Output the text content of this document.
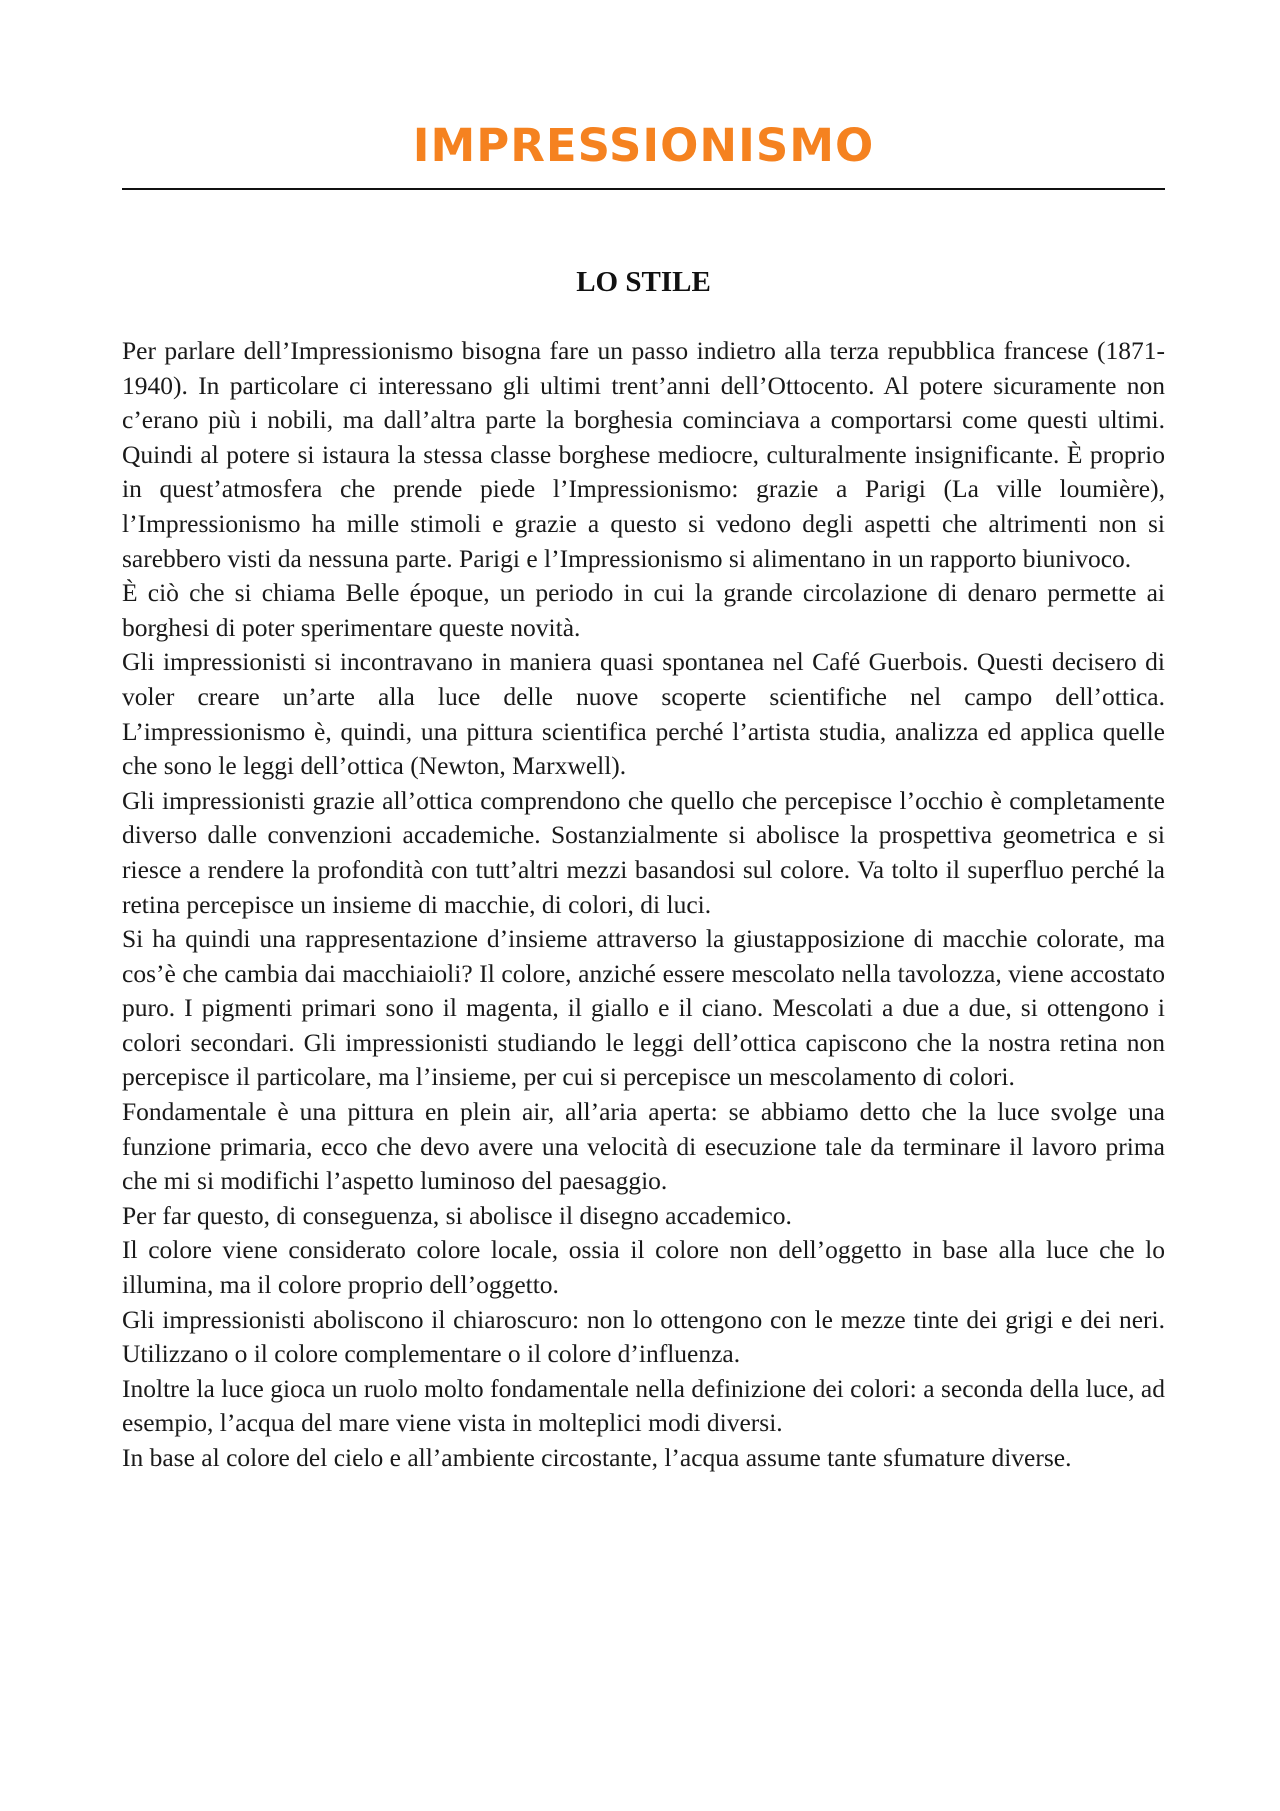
IMPRESSIONISMO
LO STILE

Per parlare dell’Impressionismo bisogna fare un passo indietro alla terza repubblica francese (1871-1940). In particolare ci interessano gli ultimi trent’anni dell’Ottocento. Al potere sicuramente non c’erano più i nobili, ma dall’altra parte la borghesia cominciava a comportarsi come questi ultimi. Quindi al potere si istaura la stessa classe borghese mediocre, culturalmente insignificante. È proprio in quest’atmosfera che prende piede l’Impressionismo: grazie a Parigi (La ville loumière), l’Impressionismo ha mille stimoli e grazie a questo si vedono degli aspetti che altrimenti non si sarebbero visti da nessuna parte. Parigi e l’Impressionismo si alimentano in un rapporto biunivoco.

È ciò che si chiama Belle époque, un periodo in cui la grande circolazione di denaro permette ai borghesi di poter sperimentare queste novità.

Gli impressionisti si incontravano in maniera quasi spontanea nel Café Guerbois. Questi decisero di voler creare un’arte alla luce delle nuove scoperte scientifiche nel campo dell’ottica. L’impressionismo è, quindi, una pittura scientifica perché l’artista studia, analizza ed applica quelle che sono le leggi dell’ottica (Newton, Marxwell).

Gli impressionisti grazie all’ottica comprendono che quello che percepisce l’occhio è completamente diverso dalle convenzioni accademiche. Sostanzialmente si abolisce la prospettiva geometrica e si riesce a rendere la profondità con tutt’altri mezzi basandosi sul colore. Va tolto il superfluo perché la retina percepisce un insieme di macchie, di colori, di luci.

Si ha quindi una rappresentazione d’insieme attraverso la giustapposizione di macchie colorate, ma cos’è che cambia dai macchiaioli? Il colore, anziché essere mescolato nella tavolozza, viene accostato puro. I pigmenti primari sono il magenta, il giallo e il ciano. Mescolati a due a due, si ottengono i colori secondari. Gli impressionisti studiando le leggi dell’ottica capiscono che la nostra retina non percepisce il particolare, ma l’insieme, per cui si percepisce un mescolamento di colori.

Fondamentale è una pittura en plein air, all’aria aperta: se abbiamo detto che la luce svolge una funzione primaria, ecco che devo avere una velocità di esecuzione tale da terminare il lavoro prima che mi si modifichi l’aspetto luminoso del paesaggio.

Per far questo, di conseguenza, si abolisce il disegno accademico.

Il colore viene considerato colore locale, ossia il colore non dell’oggetto in base alla luce che lo illumina, ma il colore proprio dell’oggetto.

Gli impressionisti aboliscono il chiaroscuro: non lo ottengono con le mezze tinte dei grigi e dei neri. Utilizzano o il colore complementare o il colore d’influenza.

Inoltre la luce gioca un ruolo molto fondamentale nella definizione dei colori: a seconda della luce, ad esempio, l’acqua del mare viene vista in molteplici modi diversi.

In base al colore del cielo e all’ambiente circostante, l’acqua assume tante sfumature diverse.
